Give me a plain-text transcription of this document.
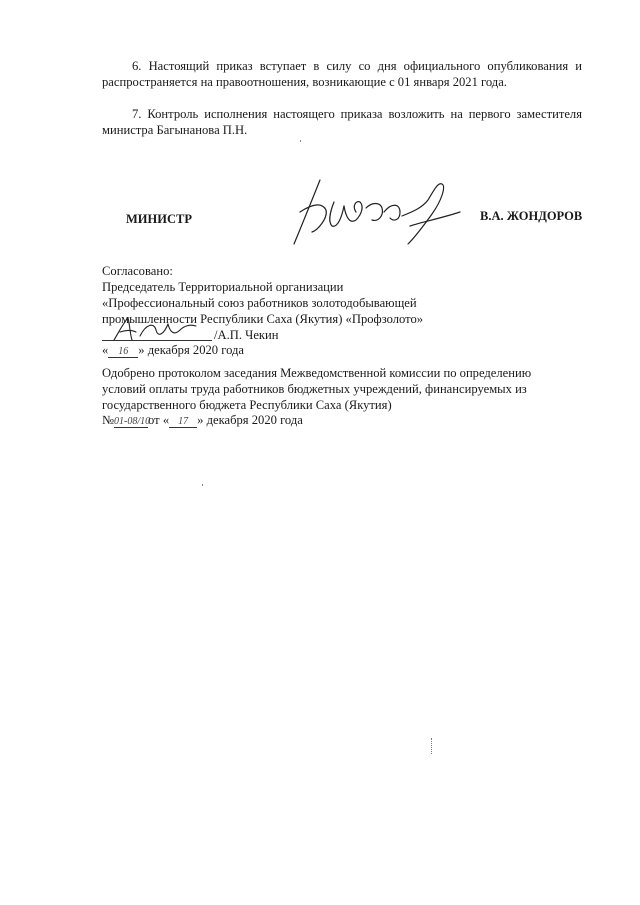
6. Настоящий приказ вступает в силу со дня официального опубликования и распространяется на правоотношения, возникающие с 01 января 2021 года.

7. Контроль исполнения настоящего приказа возложить на первого заместителя министра Багынанова П.Н.

МИНИСТР	В.А. ЖОНДОРОВ
Согласовано:
Председатель Территориальной организации
«Профессиональный союз работников золотодобывающей
промышленности Республики Саха (Якутия) «Профзолото»
/А.П. Чекин
« 16 » декабря 2020 года
Одобрено протоколом заседания Межведомственной комиссии по определению
условий оплаты труда работников бюджетных учреждений, финансируемых из
государственного бюджета Республики Саха (Якутия)
№01-08/10от « 17 » декабря 2020 года
